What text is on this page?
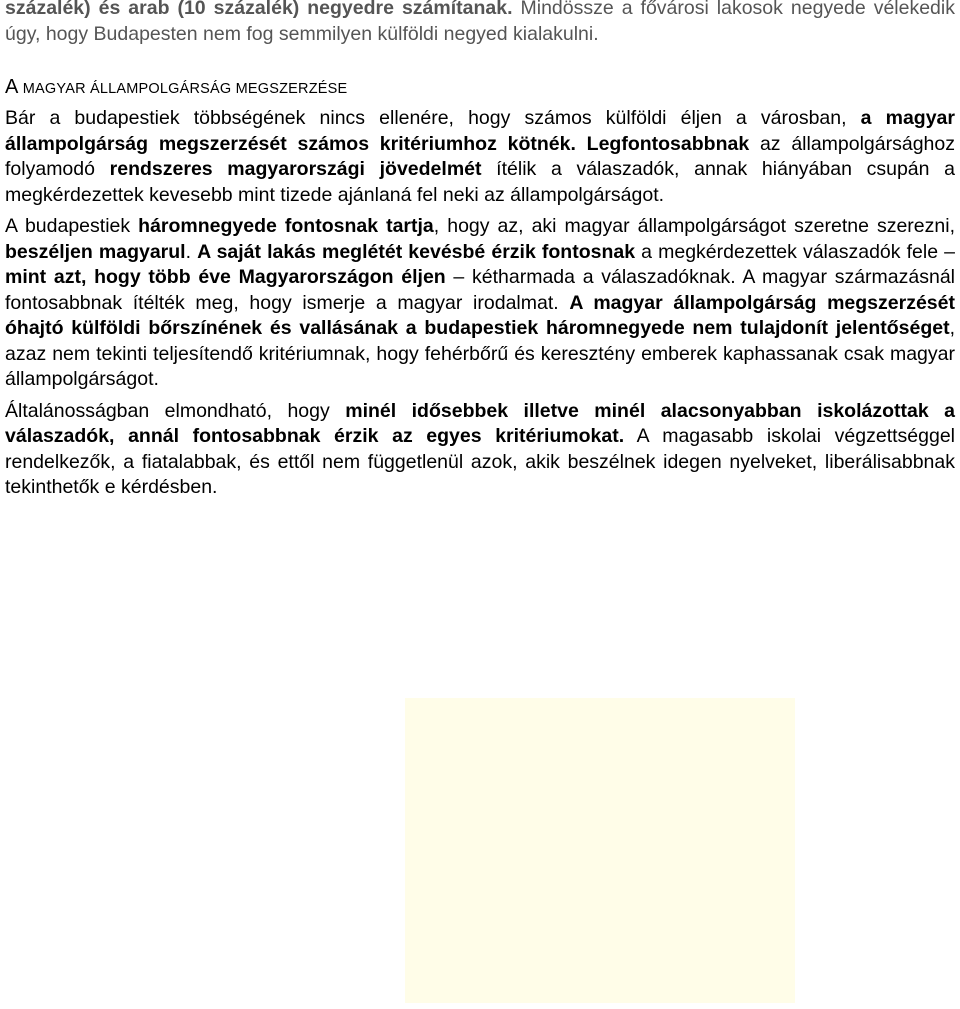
százalék) és arab (10 százalék) negyedre számítanak. Mindössze a fővárosi lakosok negyede vélekedik úgy, hogy Budapesten nem fog semmilyen külföldi negyed kialakulni.

A MAGYAR ÁLLAMPOLGÁRSÁG MEGSZERZÉSE

Bár a budapestiek többségének nincs ellenére, hogy számos külföldi éljen a városban, a magyar állampolgárság megszerzését számos kritériumhoz kötnék. Legfontosabbnak az állampolgársághoz folyamodó rendszeres magyarországi jövedelmét ítélik a válaszadók, annak hiányában csupán a megkérdezettek kevesebb mint tizede ajánlaná fel neki az állampolgárságot.

A budapestiek háromnegyede fontosnak tartja, hogy az, aki magyar állampolgárságot szeretne szerezni, beszéljen magyarul. A saját lakás meglétét kevésbé érzik fontosnak a megkérdezettek válaszadók fele – mint azt, hogy több éve Magyarországon éljen – kétharmada a válaszadóknak. A magyar származásnál fontosabbnak ítélték meg, hogy ismerje a magyar irodalmat. A magyar állampolgárság megszerzését óhajtó külföldi bőrszínének és vallásának a budapestiek háromnegyede nem tulajdonít jelentőséget, azaz nem tekinti teljesítendő kritériumnak, hogy fehérbőrű és keresztény emberek kaphassanak csak magyar állampolgárságot.

Általánosságban elmondható, hogy minél idősebbek illetve minél alacsonyabban iskolázottak a válaszadók, annál fontosabbnak érzik az egyes kritériumokat. A magasabb iskolai végzettséggel rendelkezők, a fiatalabbak, és ettől nem függetlenül azok, akik beszélnek idegen nyelveket, liberálisabbnak tekinthetők e kérdésben.
